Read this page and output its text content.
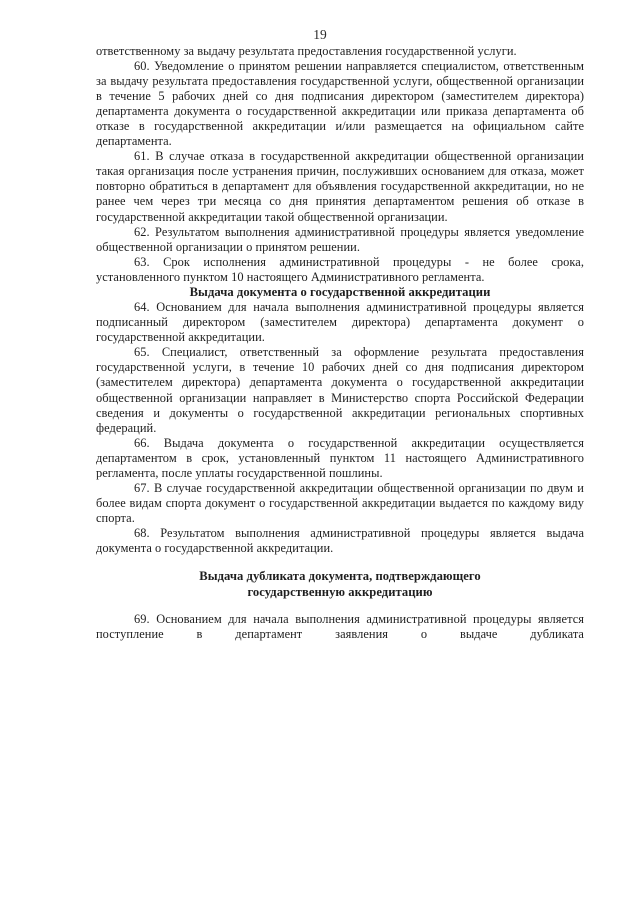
19

ответственному за выдачу результата предоставления государственной услуги.

60. Уведомление о принятом решении направляется специалистом, ответственным за выдачу результата предоставления государственной услуги, общественной организации в течение 5 рабочих дней со дня подписания директором (заместителем директора) департамента документа о государственной аккредитации или приказа департамента об отказе в государственной аккредитации и/или размещается на официальном сайте департамента.

61. В случае отказа в государственной аккредитации общественной организации такая организация после устранения причин, послуживших основанием для отказа, может повторно обратиться в департамент для объявления государственной аккредитации, но не ранее чем через три месяца со дня принятия департаментом решения об отказе в государственной аккредитации такой общественной организации.

62. Результатом выполнения административной процедуры является уведомление общественной организации о принятом решении.

63. Срок исполнения административной процедуры - не более срока, установленного пунктом 10 настоящего Административного регламента.

Выдача документа о государственной аккредитации

64. Основанием для начала выполнения административной процедуры является подписанный директором (заместителем директора) департамента документ о государственной аккредитации.

65. Специалист, ответственный за оформление результата предоставления государственной услуги, в течение 10 рабочих дней со дня подписания директором (заместителем директора) департамента документа о государственной аккредитации общественной организации направляет в Министерство спорта Российской Федерации сведения и документы о государственной аккредитации региональных спортивных федераций.

66. Выдача документа о государственной аккредитации осуществляется департаментом в срок, установленный пунктом 11 настоящего Административного регламента, после уплаты государственной пошлины.

67. В случае государственной аккредитации общественной организации по двум и более видам спорта документ о государственной аккредитации выдается по каждому виду спорта.

68. Результатом выполнения административной процедуры является выдача документа о государственной аккредитации.

Выдача дубликата документа, подтверждающего
государственную аккредитацию

69. Основанием для начала выполнения административной процедуры является поступление в департамент заявления о выдаче дубликата
